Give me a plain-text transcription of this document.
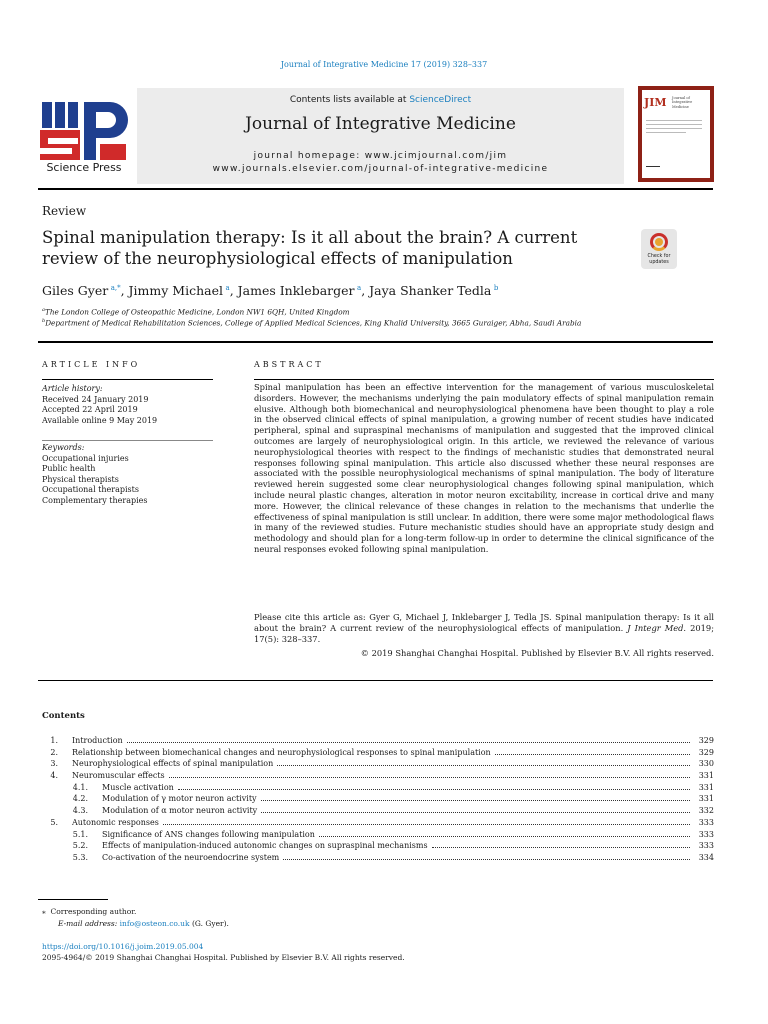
Journal of Integrative Medicine 17 (2019) 328–337
Science Press
Contents lists available at ScienceDirect
Journal of Integrative Medicine
journal homepage: www.jcimjournal.com/jim
www.journals.elsevier.com/journal-of-integrative-medicine
JIM Journal of Integrative Medicine
Review
Spinal manipulation therapy: Is it all about the brain? A current review of the neurophysiological effects of manipulation	Check for updates
Giles Gyer  $^{a,*}$, Jimmy Michael  $^a$, James Inklebarger  $^a$, Jaya Shanker Tedla  $^b$
$^a$The London College of Osteopathic Medicine, London NW1 6QH, United Kingdom
$^b$Department of Medical Rehabilitation Sciences, College of Applied Medical Sciences, King Khalid University, 3665 Guraiger, Abha, Saudi Arabia
ARTICLE INFO
Article history:
Received 24 January 2019
Accepted 22 April 2019
Available online 9 May 2019
Keywords:
Occupational injuries
Public health
Physical therapists
Occupational therapists
Complementary therapies
ABSTRACT
Spinal manipulation has been an effective intervention for the management of various musculoskeletal disorders. However, the mechanisms underlying the pain modulatory effects of spinal manipulation remain elusive. Although both biomechanical and neurophysiological phenomena have been thought to play a role in the observed clinical effects of spinal manipulation, a growing number of recent studies have indicated peripheral, spinal and supraspinal mechanisms of manipulation and suggested that the improved clinical outcomes are largely of neurophysiological origin. In this article, we reviewed the relevance of various neurophysiological theories with respect to the findings of mechanistic studies that demonstrated neural responses following spinal manipulation. This article also discussed whether these neural responses are associated with the possible neurophysiological mechanisms of spinal manipulation. The body of literature reviewed herein suggested some clear neurophysiological changes following spinal manipulation, which include neural plastic changes, alteration in motor neuron excitability, increase in cortical drive and many more. However, the clinical relevance of these changes in relation to the mechanisms that underlie the effectiveness of spinal manipulation is still unclear. In addition, there were some major methodological flaws in many of the reviewed studies. Future mechanistic studies should have an appropriate study design and methodology and should plan for a long-term follow-up in order to determine the clinical significance of the neural responses evoked following spinal manipulation.
Please cite this article as: Gyer G, Michael J, Inklebarger J, Tedla JS. Spinal manipulation therapy: Is it all about the brain? A current review of the neurophysiological effects of manipulation. J Integr Med. 2019; 17(5): 328–337.
© 2019 Shanghai Changhai Hospital. Published by Elsevier B.V. All rights reserved.
Contents
1.	Introduction	329
2.	Relationship between biomechanical changes and neurophysiological responses to spinal manipulation	329
3.	Neurophysiological effects of spinal manipulation	330
4.	Neuromuscular effects	331
4.1.	Muscle activation	331
4.2.	Modulation of γ motor neuron activity	331
4.3.	Modulation of α motor neuron activity	332
5.	Autonomic responses	333
5.1.	Significance of ANS changes following manipulation	333
5.2.	Effects of manipulation-induced autonomic changes on supraspinal mechanisms	333
5.3.	Co-activation of the neuroendocrine system	334
⁎ Corresponding author.
E-mail address: info@osteon.co.uk (G. Gyer).
https://doi.org/10.1016/j.joim.2019.05.004
2095-4964/© 2019 Shanghai Changhai Hospital. Published by Elsevier B.V. All rights reserved.
